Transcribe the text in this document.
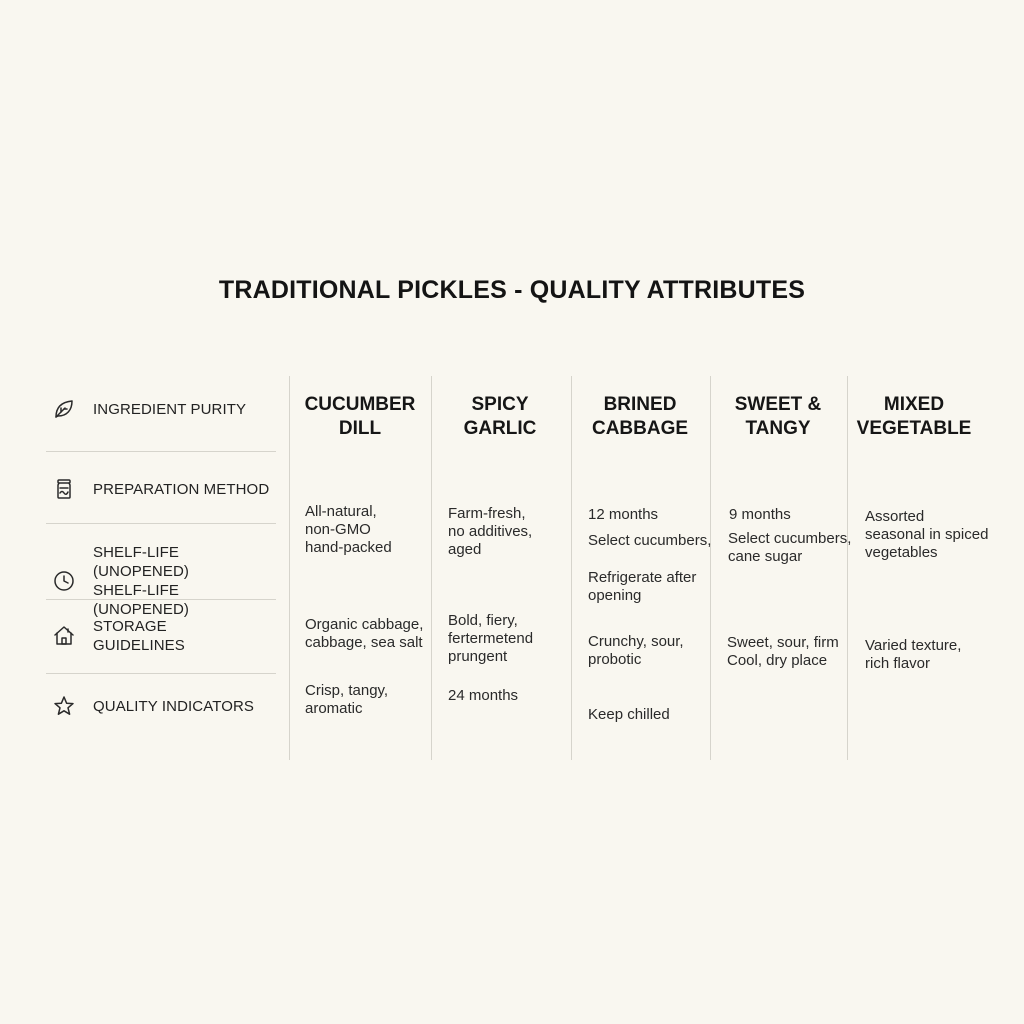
TRADITIONAL PICKLES - QUALITY ATTRIBUTES
INGREDIENT PURITY
PREPARATION METHOD
SHELF-LIFE (UNOPENED)
SHELF-LIFE (UNOPENED)
STORAGE
GUIDELINES
QUALITY INDICATORS
CUCUMBER
DILL
SPICY
GARLIC
BRINED
CABBAGE
SWEET &
TANGY
MIXED
VEGETABLE
All-natural,
non-GMO
hand-packed
Organic cabbage,
cabbage, sea salt
Crisp, tangy,
aromatic
Farm-fresh,
no additives,
aged
Bold, fiery,
fertermetend
prungent
24 months
12 months
Select cucumbers,
Refrigerate after
opening
Crunchy, sour,
probotic
Keep chilled
9 months
Select cucumbers,
cane sugar
Sweet, sour, firm
Cool, dry place
Assorted
seasonal in spiced
vegetables
Varied texture,
rich flavor
